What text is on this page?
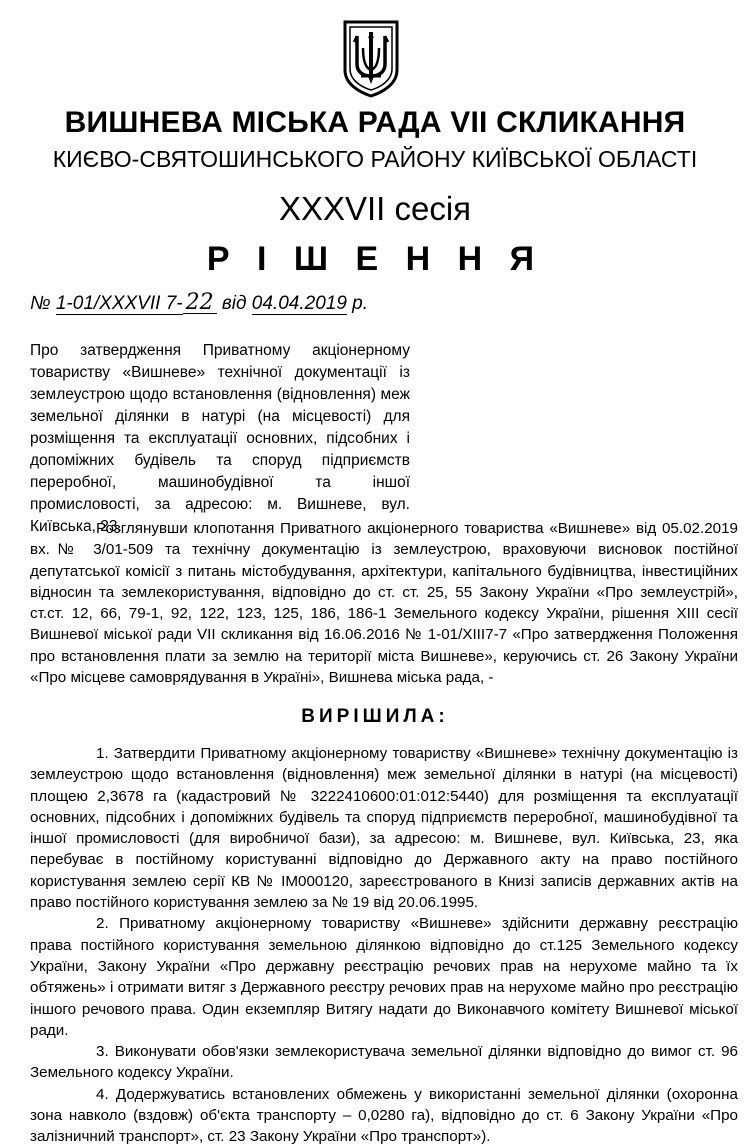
ВИШНЕВА МІСЬКА РАДА VII СКЛИКАННЯ
КИЄВО-СВЯТОШИНСЬКОГО РАЙОНУ КИЇВСЬКОЇ ОБЛАСТІ
XXXVII сесія
Р І Ш Е Н Н Я
№ 1-01/XXXVII 7- 22 від 04.04.2019 р.
Про затвердження Приватному акціонерному товариству «Вишневе» технічної документації із землеустрою щодо встановлення (відновлення) меж земельної ділянки в натурі (на місцевості) для розміщення та експлуатації основних, підсобних і допоміжних будівель та споруд підприємств переробної, машинобудівної та іншої промисловості, за адресою: м. Вишневе, вул. Київська, 23.
Розглянувши клопотання Приватного акціонерного товариства «Вишневе» від 05.02.2019 вх.№ 3/01-509 та технічну документацію із землеустрою, враховуючи висновок постійної депутатської комісії з питань містобудування, архітектури, капітального будівництва, інвестиційних відносин та землекористування, відповідно до ст. ст. 25, 55 Закону України «Про землеустрій», ст.ст. 12, 66, 79-1, 92, 122, 123, 125, 186, 186-1 Земельного кодексу України, рішення XIII сесії Вишневої міської ради VII скликання від 16.06.2016 № 1-01/XIII7-7 «Про затвердження Положення про встановлення плати за землю на території міста Вишневе», керуючись ст. 26 Закону України «Про місцеве самоврядування в Україні», Вишнева міська рада, -
ВИРІШИЛА:

1. Затвердити Приватному акціонерному товариству «Вишневе» технічну документацію із землеустрою щодо встановлення (відновлення) меж земельної ділянки в натурі (на місцевості) площею 2,3678 га (кадастровий № 3222410600:01:012:5440) для розміщення та експлуатації основних, підсобних і допоміжних будівель та споруд підприємств переробної, машинобудівної та іншої промисловості (для виробничої бази), за адресою: м. Вишневе, вул. Київська, 23, яка перебуває в постійному користуванні відповідно до Державного акту на право постійного користування землею серії КВ № ІМ000120, зареєстрованого в Книзі записів державних актів на право постійного користування землею за № 19 від 20.06.1995.

2. Приватному акціонерному товариству «Вишневе» здійснити державну реєстрацію права постійного користування земельною ділянкою відповідно до ст.125 Земельного кодексу України, Закону України «Про державну реєстрацію речових прав на нерухоме майно та їх обтяжень» і отримати витяг з Державного реєстру речових прав на нерухоме майно про реєстрацію іншого речового права. Один екземпляр Витягу надати до Виконавчого комітету Вишневої міської ради.

3. Виконувати обов'язки землекористувача земельної ділянки відповідно до вимог ст. 96 Земельного кодексу України.

4. Додержуватись встановлених обмежень у використанні земельної ділянки (охоронна зона навколо (вздовж) об'єкта транспорту – 0,0280 га), відповідно до ст. 6 Закону України «Про залізничний транспорт», ст. 23 Закону України «Про транспорт»).
